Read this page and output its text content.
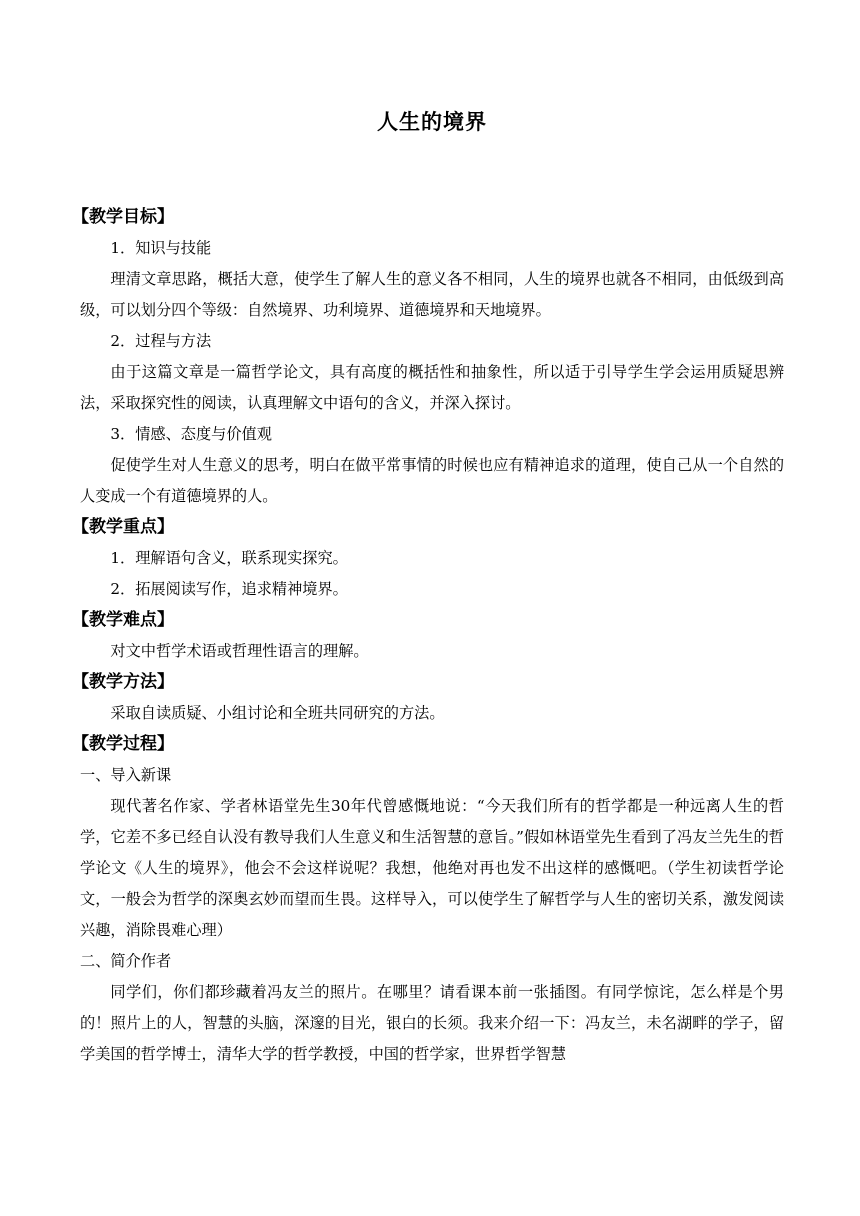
人生的境界
【教学目标】

1．知识与技能

理清文章思路，概括大意，使学生了解人生的意义各不相同，人生的境界也就各不相同，由低级到高级，可以划分四个等级：自然境界、功利境界、道德境界和天地境界。

2．过程与方法

由于这篇文章是一篇哲学论文，具有高度的概括性和抽象性，所以适于引导学生学会运用质疑思辨法，采取探究性的阅读，认真理解文中语句的含义，并深入探讨。

3．情感、态度与价值观

促使学生对人生意义的思考，明白在做平常事情的时候也应有精神追求的道理，使自己从一个自然的人变成一个有道德境界的人。

【教学重点】

1．理解语句含义，联系现实探究。

2．拓展阅读写作，追求精神境界。

【教学难点】

对文中哲学术语或哲理性语言的理解。

【教学方法】

采取自读质疑、小组讨论和全班共同研究的方法。

【教学过程】

一、导入新课

现代著名作家、学者林语堂先生30年代曾感慨地说：“今天我们所有的哲学都是一种远离人生的哲学，它差不多已经自认没有教导我们人生意义和生活智慧的意旨。”假如林语堂先生看到了冯友兰先生的哲学论文《人生的境界》，他会不会这样说呢？我想，他绝对再也发不出这样的感慨吧。（学生初读哲学论文，一般会为哲学的深奥玄妙而望而生畏。这样导入，可以使学生了解哲学与人生的密切关系，激发阅读兴趣，消除畏难心理）

二、简介作者

同学们，你们都珍藏着冯友兰的照片。在哪里？请看课本前一张插图。有同学惊诧，怎么样是个男的！照片上的人，智慧的头脑，深邃的目光，银白的长须。我来介绍一下：冯友兰，未名湖畔的学子，留学美国的哲学博士，清华大学的哲学教授，中国的哲学家，世界哲学智慧
